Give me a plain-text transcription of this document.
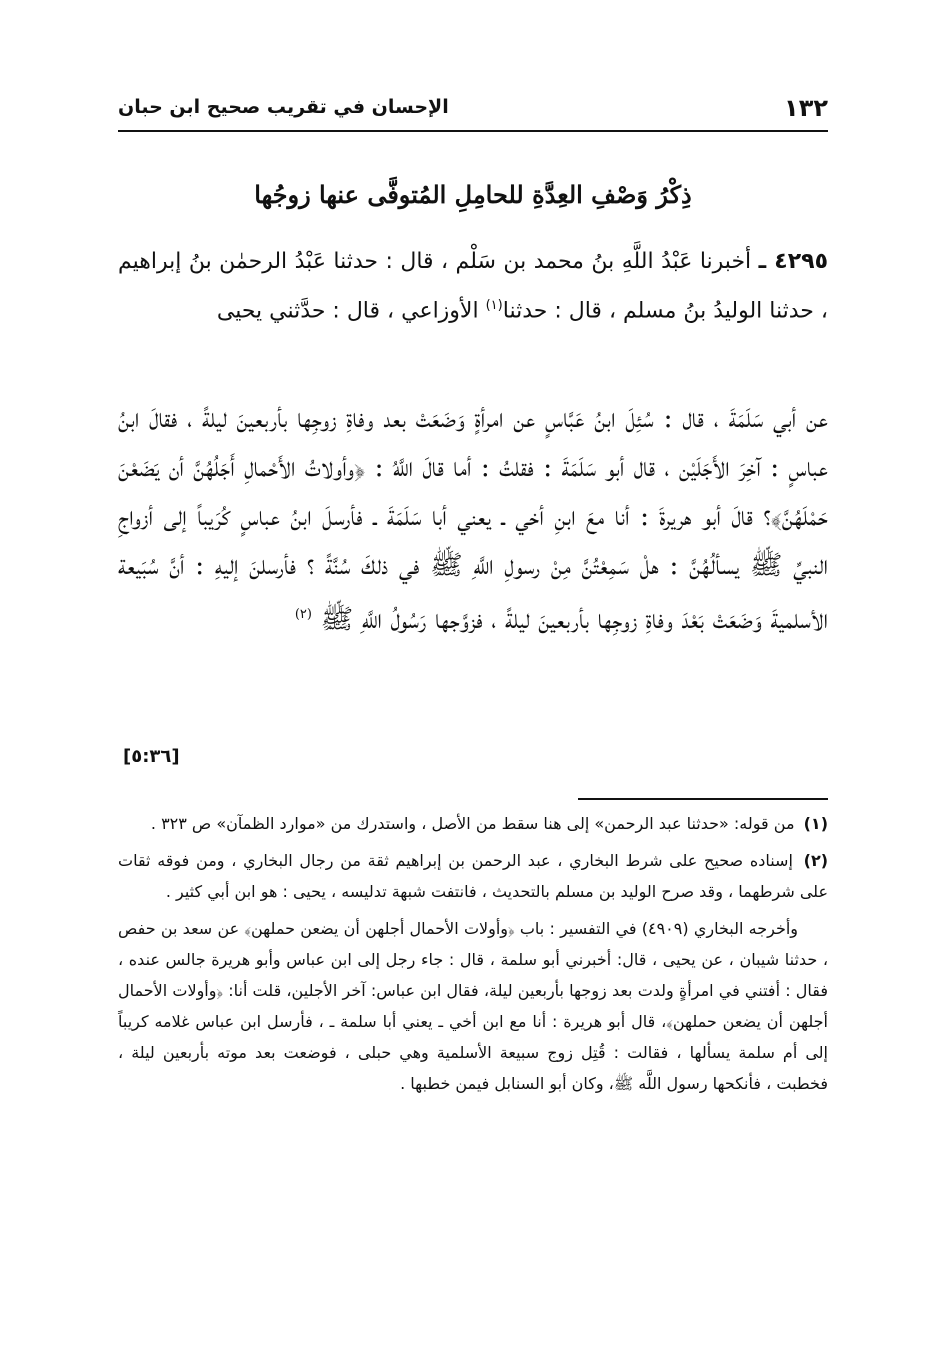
١٣٢
الإحسان في تقريب صحيح ابن حبان
ذِكْرُ وَصْفِ العِدَّةِ للحامِلِ المُتوفَّى عنها زوجُها
٤٢٩٥ ـ أخبرنا عَبْدُ اللَّهِ بنُ محمد بن سَلْم ، قال : حدثنا عَبْدُ الرحمٰن بنُ إبراهيم ، حدثنا الوليدُ بنُ مسلم ، قال : حدثنا$^{(١)}$ الأوزاعي ، قال : حدَّثني يحيى
عن أبي سَلَمَةَ ، قال : سُئِلَ ابنُ عَبَّاسٍ عن امرأةٍ وَضَعَتْ بعد وفاةِ زوجِها بأربعينَ ليلةً ، فقالَ ابنُ عباسٍ : آخِرَ الأَجَلَيْن ، قال أبو سَلَمَةَ : فقلتُ : أما قالَ اللَّهُ : ﴿وأولاتُ الأَحْمالِ أَجَلُهُنَّ أن يَضَعْنَ حَمْلَهُنَّ﴾؟ قالَ أبو هريرةَ : أنا معَ ابنِ أخي ـ يعني أبا سَلَمَةَ ـ فأرسلَ ابنُ عباسٍ كُرَيباً إلى أزواجِ النبيِّ ﷺ يسألُهُنَّ : هلْ سَمِعْتُنَّ مِنْ رسولِ اللَّهِ ﷺ في ذلكَ سُنَّةً ؟ فأرسلنَ إليهِ : أنَّ سُبَيعة الأسلميةَ وَضَعَتْ بَعْدَ وفاةِ زوجِها بأربعينَ ليلةً ، فزوَّجها رَسُولُ اللَّهِ ﷺ $^{(٢)}$
[٥:٣٦]

(١) من قوله: «حدثنا عبد الرحمن» إلى هنا سقط من الأصل ، واستدرك من «موارد الظمآن» ص ٣٢٣ .

(٢) إسناده صحيح على شرط البخاري ، عبد الرحمن بن إبراهيم ثقة من رجال البخاري ، ومن فوقه ثقات على شرطهما ، وقد صرح الوليد بن مسلم بالتحديث ، فانتفت شبهة تدليسه ، يحيى : هو ابن أبي كثير .

وأخرجه البخاري (٤٩٠٩) في التفسير : باب ﴿وأولات الأحمال أجلهن أن يضعن حملهن﴾ عن سعد بن حفص ، حدثنا شيبان ، عن يحيى ، قال: أخبرني أبو سلمة ، قال : جاء رجل إلى ابن عباس وأبو هريرة جالس عنده ، فقال : أفتني في امرأةٍ ولدت بعد زوجها بأربعين ليلة، فقال ابن عباس: آخر الأجلين، قلت أنا: ﴿وأولات الأحمال أجلهن أن يضعن حملهن﴾، قال أبو هريرة : أنا مع ابن أخي ـ يعني أبا سلمة ـ ، فأرسل ابن عباس غلامه كريباً إلى أم سلمة يسألها ، فقالت : قُتِل زوج سبيعة الأسلمية وهي حبلى ، فوضعت بعد موته بأربعين ليلة ، فخطبت ، فأنكحها رسول اللَّه ﷺ، وكان أبو السنابل فيمن خطبها .
